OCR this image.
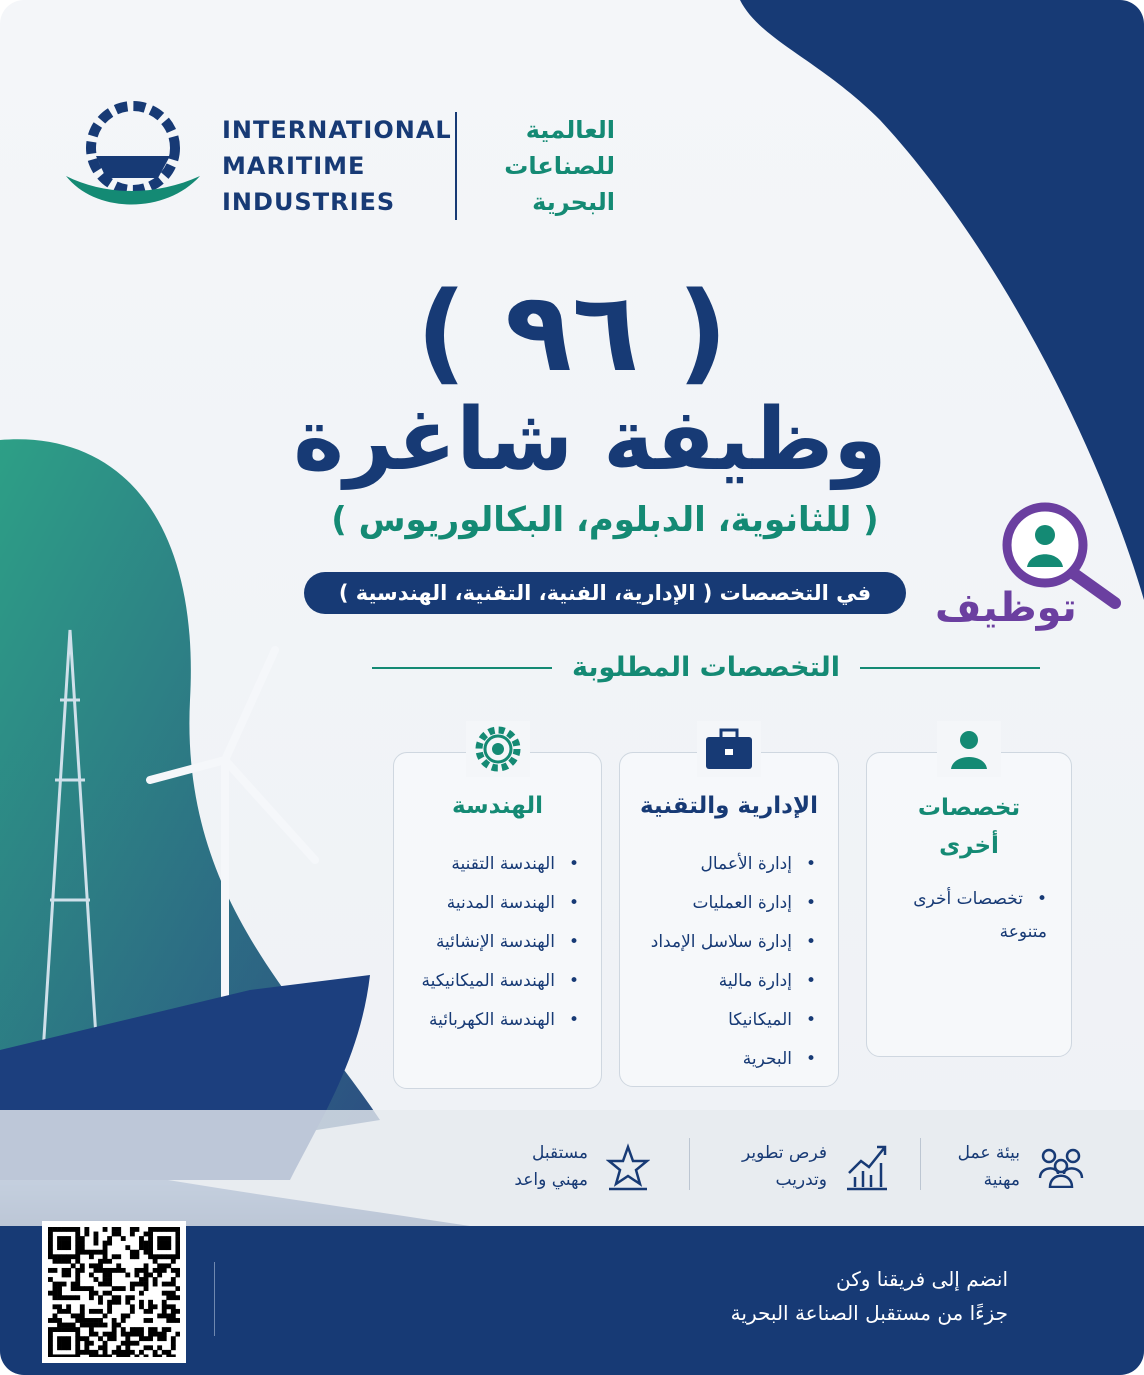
INTERNATIONAL
MARITIME
INDUSTRIES
العالمية
للصناعات
البحرية
( ٩٦ )
وظيفة شاغرة
( للثانوية، الدبلوم، البكالوريوس )
في التخصصات ( الإدارية، الفنية، التقنية، الهندسية )	توظيف
التخصصات المطلوبة
تخصصات أخرى
• تخصصات أخرى متنوعة
الإدارية والتقنية
• إدارة الأعمال
• إدارة العمليات
• إدارة سلاسل الإمداد
• إدارة مالية
• الميكانيكا
• البحرية
الهندسة
• الهندسة التقنية
• الهندسة المدنية
• الهندسة الإنشائية
• الهندسة الميكانيكية
• الهندسة الكهربائية
بيئة عمل
مهنية
فرص تطوير
وتدريب
مستقبل
مهني واعد
انضم إلى فريقنا وكن
جزءًا من مستقبل الصناعة البحرية
